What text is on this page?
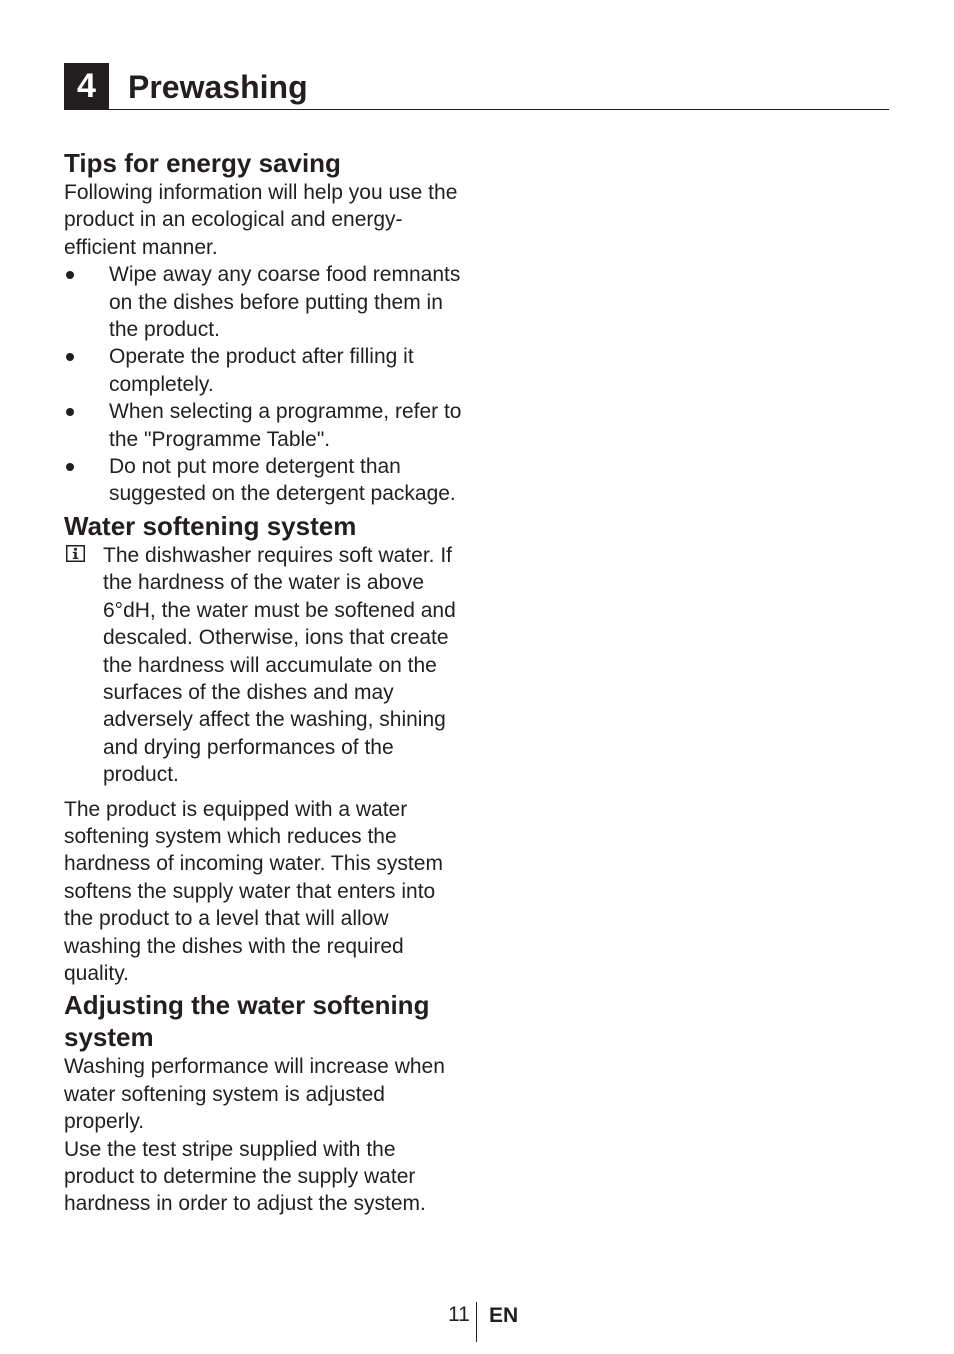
4	Prewashing
Tips for energy saving

Following information will help you use the product in an ecological and energy-efficient manner.

Wipe away any coarse food remnants on the dishes before putting them in the product.
Operate the product after filling it completely.
When selecting a programme, refer to the "Programme Table".
Do not put more detergent than suggested on the detergent package.
Water softening system

The dishwasher requires soft water. If the hardness of the water is above 6°dH, the water must be softened and descaled. Otherwise, ions that create the hardness will accumulate on the surfaces of the dishes and may adversely affect the washing, shining and drying performances of the product.

The product is equipped with a water softening system which reduces the hardness of incoming water. This system softens the supply water that enters into the product to a level that will allow washing the dishes with the required quality.

Adjusting the water softening system

Washing performance will increase when water softening system is adjusted properly.

Use the test stripe supplied with the product to determine the supply water hardness in order to adjust the system.

11 EN
